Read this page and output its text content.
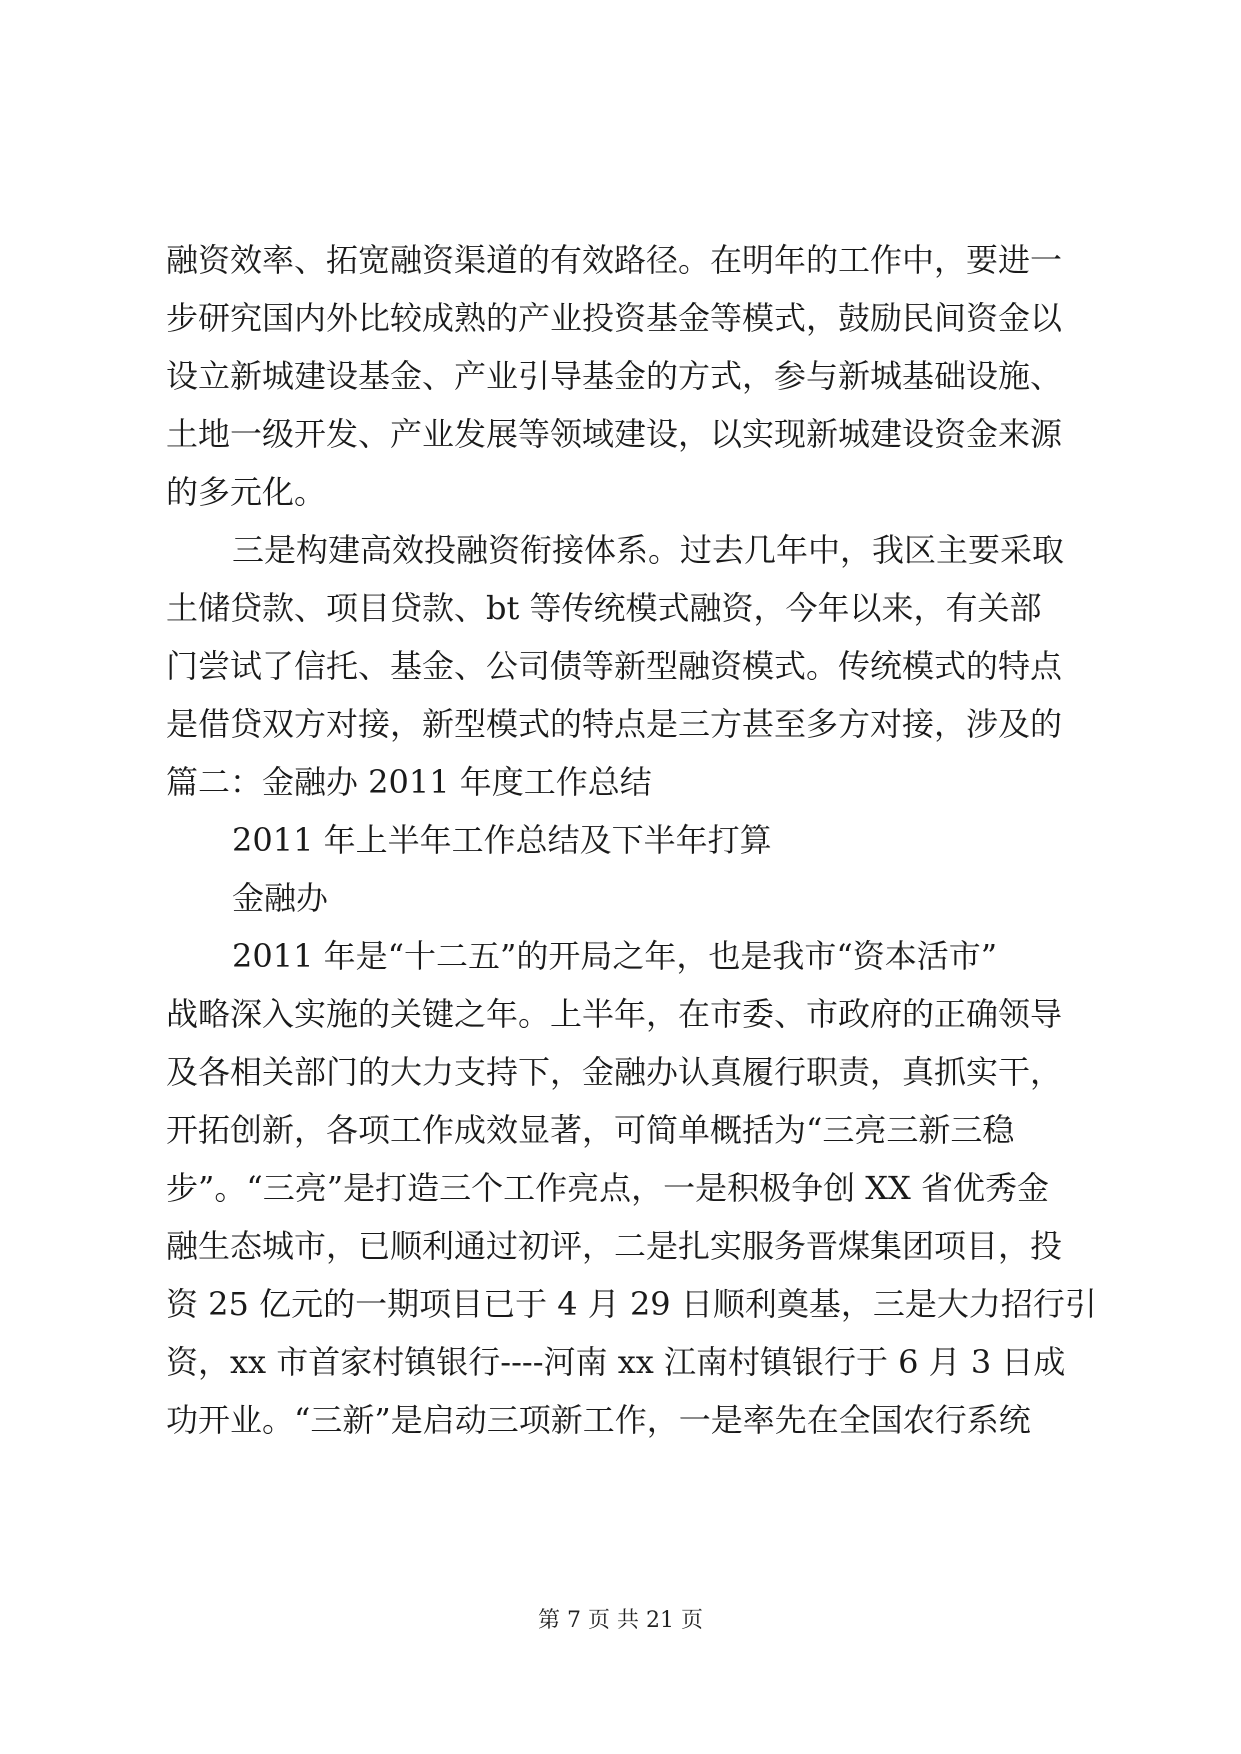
融资效率、拓宽融资渠道的有效路径。在明年的工作中，要进一
步研究国内外比较成熟的产业投资基金等模式，鼓励民间资金以
设立新城建设基金、产业引导基金的方式，参与新城基础设施、
土地一级开发、产业发展等领域建设，以实现新城建设资金来源
的多元化。
三是构建高效投融资衔接体系。过去几年中，我区主要采取
土储贷款、项目贷款、bt 等传统模式融资，今年以来，有关部
门尝试了信托、基金、公司债等新型融资模式。传统模式的特点
是借贷双方对接，新型模式的特点是三方甚至多方对接，涉及的
篇二：金融办 2011 年度工作总结
2011 年上半年工作总结及下半年打算
金融办
2011 年是“十二五”的开局之年，也是我市“资本活市”
战略深入实施的关键之年。上半年，在市委、市政府的正确领导
及各相关部门的大力支持下，金融办认真履行职责，真抓实干，
开拓创新，各项工作成效显著，可简单概括为“三亮三新三稳
步”。“三亮”是打造三个工作亮点，一是积极争创 XX 省优秀金
融生态城市，已顺利通过初评，二是扎实服务晋煤集团项目，投
资 25 亿元的一期项目已于 4 月 29 日顺利奠基，三是大力招行引
资，xx 市首家村镇银行----河南 xx 江南村镇银行于 6 月 3 日成
功开业。“三新”是启动三项新工作，一是率先在全国农行系统
第 7 页 共 21 页
